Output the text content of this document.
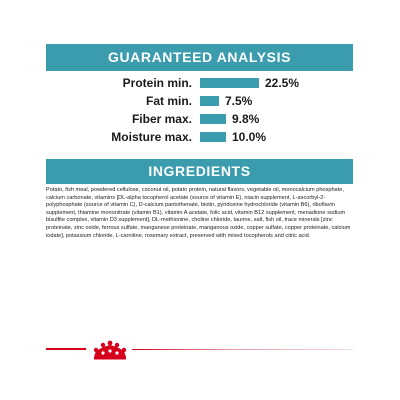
GUARANTEED ANALYSIS
Protein min.	22.5%
Fat min.	7.5%
Fiber max.	9.8%
Moisture max.	10.0%
INGREDIENTS

Potato, fish meal, powdered cellulose, coconut oil, potato protein, natural flavors, vegetable oil, monocalcium phosphate, calcium carbonate, vitamins [DL-alpha tocopherol acetate (source of vitamin E), niacin supplement, L-ascorbyl-2-polyphosphate (source of vitamin C), D-calcium pantothenate, biotin, pyridoxine hydrochloride (vitamin B6), riboflavin supplement, thiamine mononitrate (vitamin B1), vitamin A acetate, folic acid, vitamin B12 supplement, menadione sodium bisulfite complex, vitamin D3 supplement], DL-methionine, choline chloride, taurine, salt, fish oil, trace minerals [zinc proteinate, zinc oxide, ferrous sulfate, manganese proteinate, manganous oxide, copper sulfate, copper proteinate, calcium iodate], potassium chloride, L-carnitine, rosemary extract, preserved with mixed tocopherols and citric acid.
